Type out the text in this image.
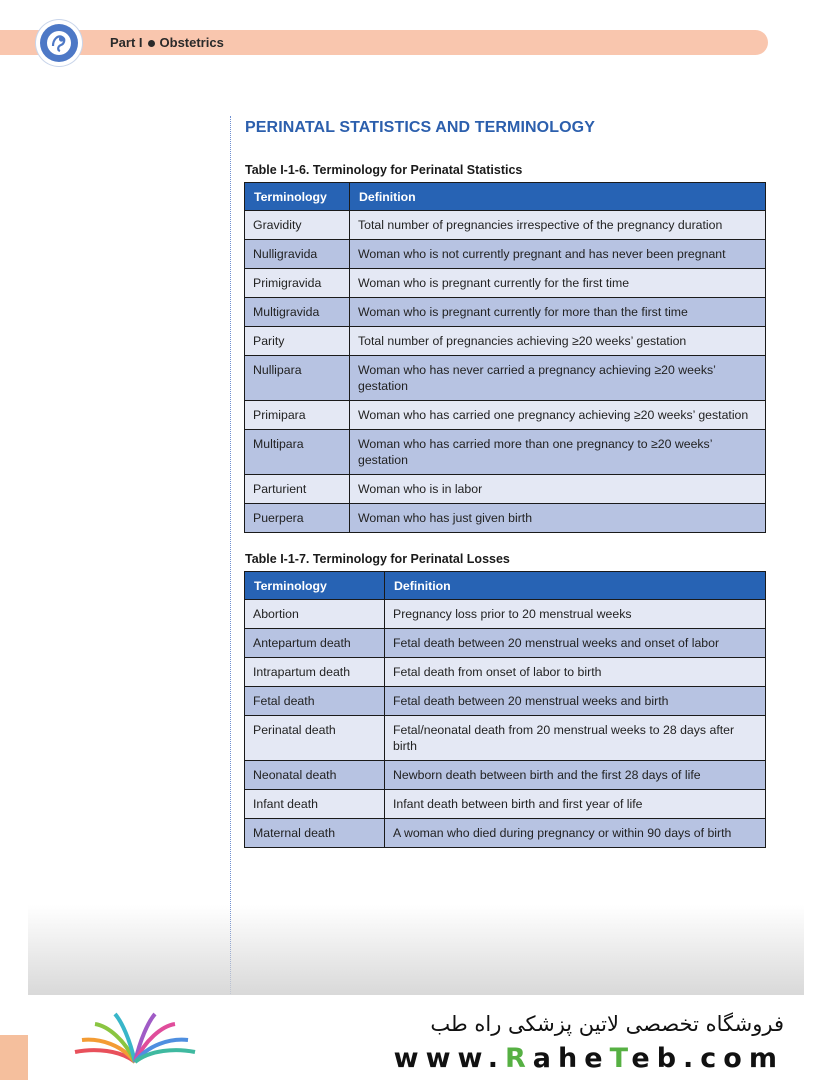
Part I Obstetrics
PERINATAL STATISTICS AND TERMINOLOGY
Table I-1-6. Terminology for Perinatal Statistics
Terminology	Definition
Gravidity	Total number of pregnancies irrespective of the pregnancy duration
Nulligravida	Woman who is not currently pregnant and has never been pregnant
Primigravida	Woman who is pregnant currently for the first time
Multigravida	Woman who is pregnant currently for more than the first time
Parity	Total number of pregnancies achieving ≥20 weeks’ gestation
Nullipara	Woman who has never carried a pregnancy achieving ≥20 weeks’ gestation
Primipara	Woman who has carried one pregnancy achieving ≥20 weeks’ gestation
Multipara	Woman who has carried more than one pregnancy to ≥20 weeks’ gestation
Parturient	Woman who is in labor
Puerpera	Woman who has just given birth
Table I-1-7. Terminology for Perinatal Losses
Terminology	Definition
Abortion	Pregnancy loss prior to 20 menstrual weeks
Antepartum death	Fetal death between 20 menstrual weeks and onset of labor
Intrapartum death	Fetal death from onset of labor to birth
Fetal death	Fetal death between 20 menstrual weeks and birth
Perinatal death	Fetal/neonatal death from 20 menstrual weeks to 28 days after birth
Neonatal death	Newborn death between birth and the first 28 days of life
Infant death	Infant death between birth and first year of life
Maternal death	A woman who died during pregnancy or within 90 days of birth
فروشگاه تخصصی لاتین پزشکی راه طب
www.RaheTeb.com
